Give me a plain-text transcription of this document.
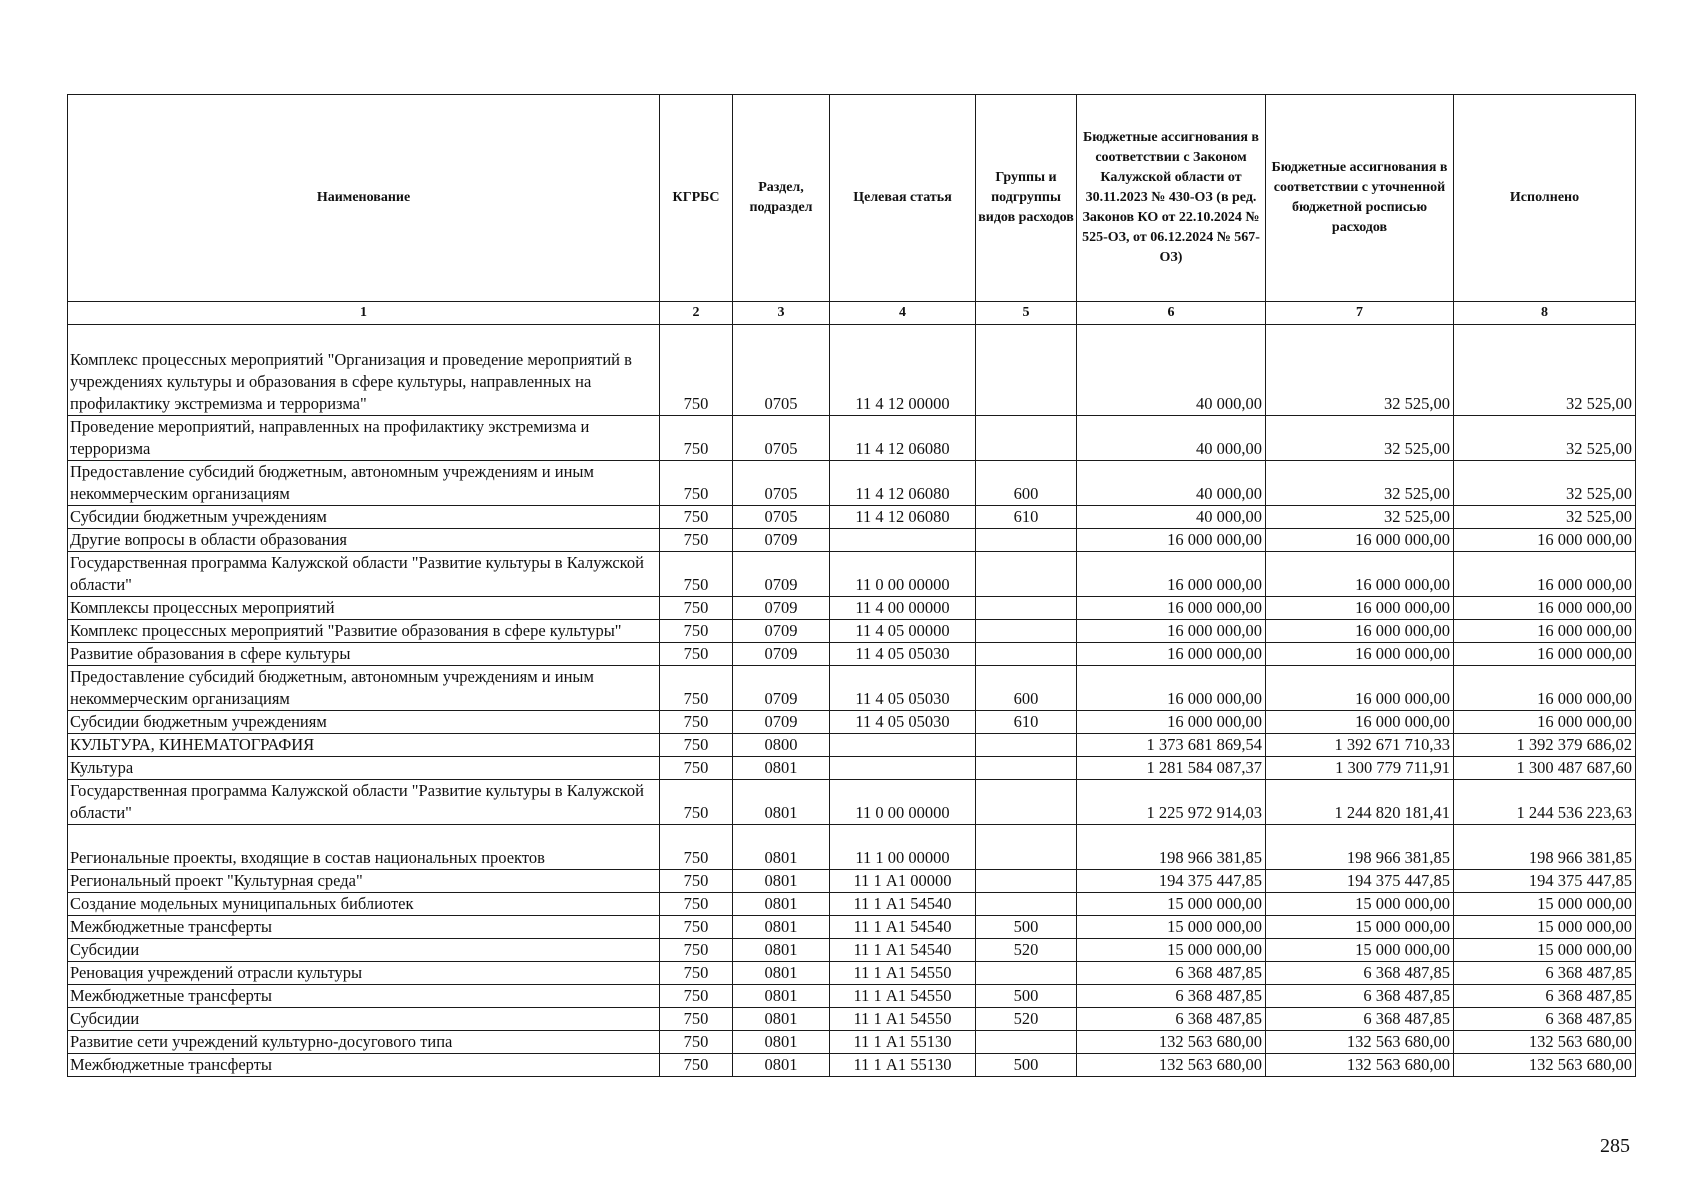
Наименование	КГРБС	Раздел, подраздел	Целевая статья	Группы и подгруппы видов расходов	Бюджетные ассигнования в соответствии с Законом Калужской области от 30.11.2023 № 430-ОЗ (в ред. Законов КО от 22.10.2024 № 525-ОЗ, от 06.12.2024 № 567-ОЗ)	Бюджетные ассигнования в соответствии с уточненной бюджетной росписью расходов	Исполнено
1	2	3	4	5	6	7	8
Комплекс процессных мероприятий "Организация и проведение мероприятий в учреждениях культуры и образования в сфере культуры, направленных на профилактику экстремизма и терроризма"	750	0705	11 4 12 00000		40 000,00	32 525,00	32 525,00
Проведение мероприятий, направленных на профилактику экстремизма и терроризма	750	0705	11 4 12 06080		40 000,00	32 525,00	32 525,00
Предоставление субсидий бюджетным, автономным учреждениям и иным некоммерческим организациям	750	0705	11 4 12 06080	600	40 000,00	32 525,00	32 525,00
Субсидии бюджетным учреждениям	750	0705	11 4 12 06080	610	40 000,00	32 525,00	32 525,00
Другие вопросы в области образования	750	0709			16 000 000,00	16 000 000,00	16 000 000,00
Государственная программа Калужской области "Развитие культуры в Калужской области"	750	0709	11 0 00 00000		16 000 000,00	16 000 000,00	16 000 000,00
Комплексы процессных мероприятий	750	0709	11 4 00 00000		16 000 000,00	16 000 000,00	16 000 000,00
Комплекс процессных мероприятий "Развитие образования в сфере культуры"	750	0709	11 4 05 00000		16 000 000,00	16 000 000,00	16 000 000,00
Развитие образования в сфере культуры	750	0709	11 4 05 05030		16 000 000,00	16 000 000,00	16 000 000,00
Предоставление субсидий бюджетным, автономным учреждениям и иным некоммерческим организациям	750	0709	11 4 05 05030	600	16 000 000,00	16 000 000,00	16 000 000,00
Субсидии бюджетным учреждениям	750	0709	11 4 05 05030	610	16 000 000,00	16 000 000,00	16 000 000,00
КУЛЬТУРА, КИНЕМАТОГРАФИЯ	750	0800			1 373 681 869,54	1 392 671 710,33	1 392 379 686,02
Культура	750	0801			1 281 584 087,37	1 300 779 711,91	1 300 487 687,60
Государственная программа Калужской области "Развитие культуры в Калужской области"	750	0801	11 0 00 00000		1 225 972 914,03	1 244 820 181,41	1 244 536 223,63
Региональные проекты, входящие в состав национальных проектов	750	0801	11 1 00 00000		198 966 381,85	198 966 381,85	198 966 381,85
Региональный проект "Культурная среда"	750	0801	11 1 А1 00000		194 375 447,85	194 375 447,85	194 375 447,85
Создание модельных муниципальных библиотек	750	0801	11 1 А1 54540		15 000 000,00	15 000 000,00	15 000 000,00
Межбюджетные трансферты	750	0801	11 1 А1 54540	500	15 000 000,00	15 000 000,00	15 000 000,00
Субсидии	750	0801	11 1 А1 54540	520	15 000 000,00	15 000 000,00	15 000 000,00
Реновация учреждений отрасли культуры	750	0801	11 1 А1 54550		6 368 487,85	6 368 487,85	6 368 487,85
Межбюджетные трансферты	750	0801	11 1 А1 54550	500	6 368 487,85	6 368 487,85	6 368 487,85
Субсидии	750	0801	11 1 А1 54550	520	6 368 487,85	6 368 487,85	6 368 487,85
Развитие сети учреждений культурно-досугового типа	750	0801	11 1 А1 55130		132 563 680,00	132 563 680,00	132 563 680,00
Межбюджетные трансферты	750	0801	11 1 А1 55130	500	132 563 680,00	132 563 680,00	132 563 680,00
285
